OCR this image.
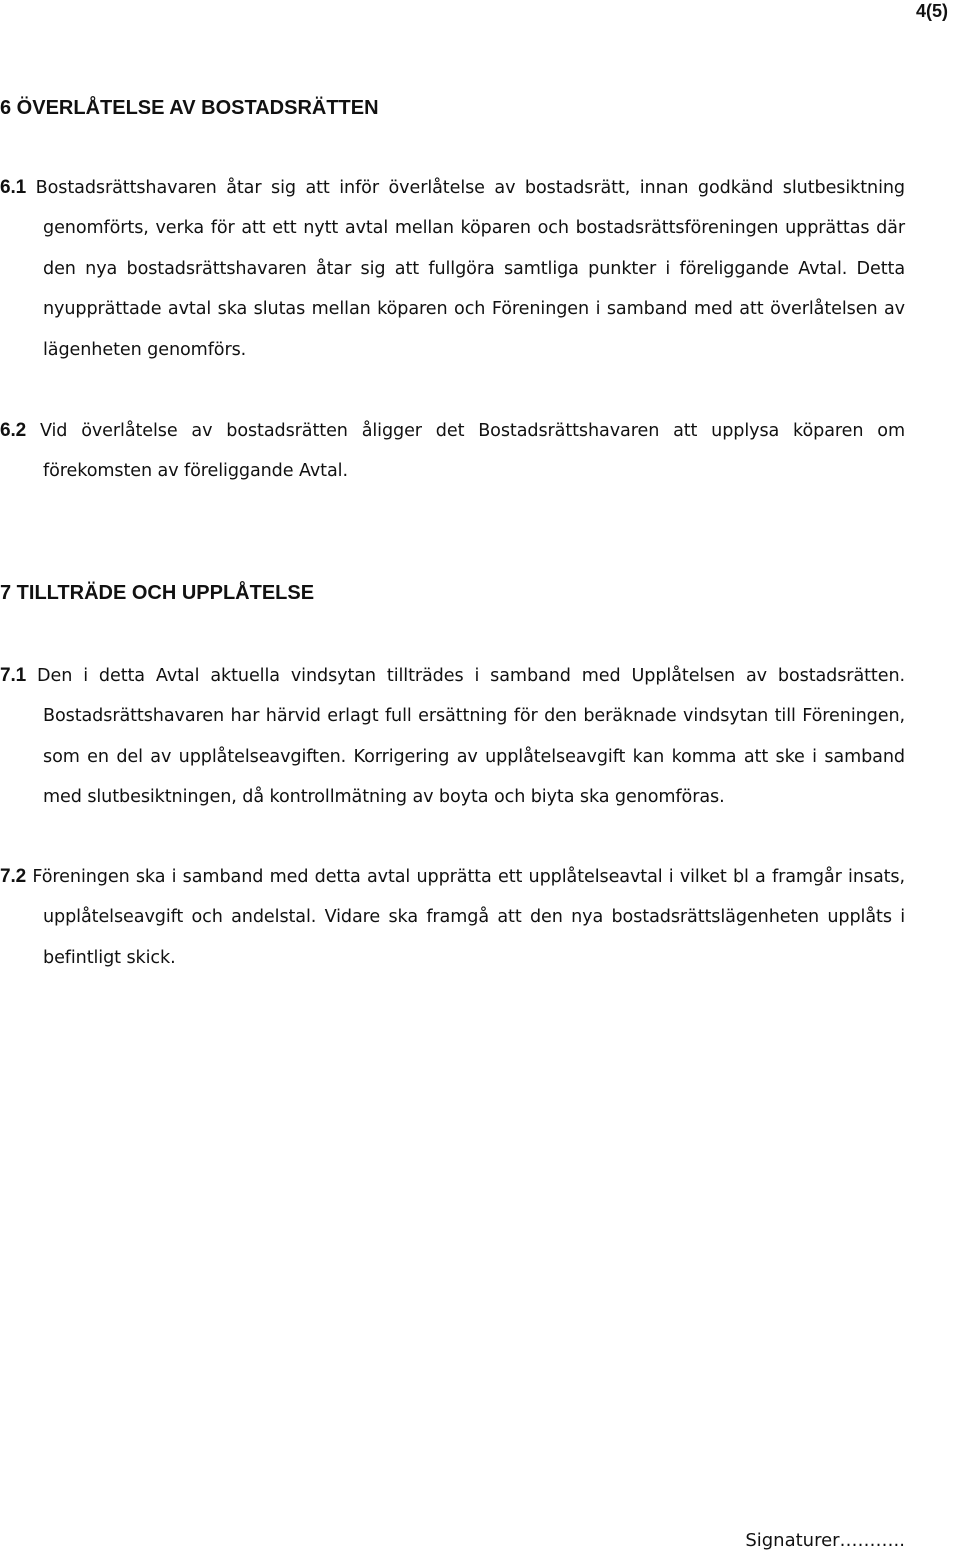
4(5)
6 ÖVERLÅTELSE AV BOSTADSRÄTTEN
6.1 Bostadsrättshavaren åtar sig att inför överlåtelse av bostadsrätt, innan godkänd slutbesiktning
genomförts, verka för att ett nytt avtal mellan köparen och bostadsrättsföreningen upprättas där
den nya bostadsrättshavaren åtar sig att fullgöra samtliga punkter i föreliggande Avtal. Detta
nyupprättade avtal ska slutas mellan köparen och Föreningen i samband med att överlåtelsen av
lägenheten genomförs.
6.2 Vid överlåtelse av bostadsrätten åligger det Bostadsrättshavaren att upplysa köparen om
förekomsten av föreliggande Avtal.
7 TILLTRÄDE OCH UPPLÅTELSE
7.1 Den i detta Avtal aktuella vindsytan tillträdes i samband med Upplåtelsen av bostadsrätten.
Bostadsrättshavaren har härvid erlagt full ersättning för den beräknade vindsytan till Föreningen,
som en del av upplåtelseavgiften. Korrigering av upplåtelseavgift kan komma att ske i samband
med slutbesiktningen, då kontrollmätning av boyta och biyta ska genomföras.
7.2 Föreningen ska i samband med detta avtal upprätta ett upplåtelseavtal i vilket bl a framgår insats,
upplåtelseavgift och andelstal. Vidare ska framgå att den nya bostadsrättslägenheten upplåts i
befintligt skick.
Signaturer………..
